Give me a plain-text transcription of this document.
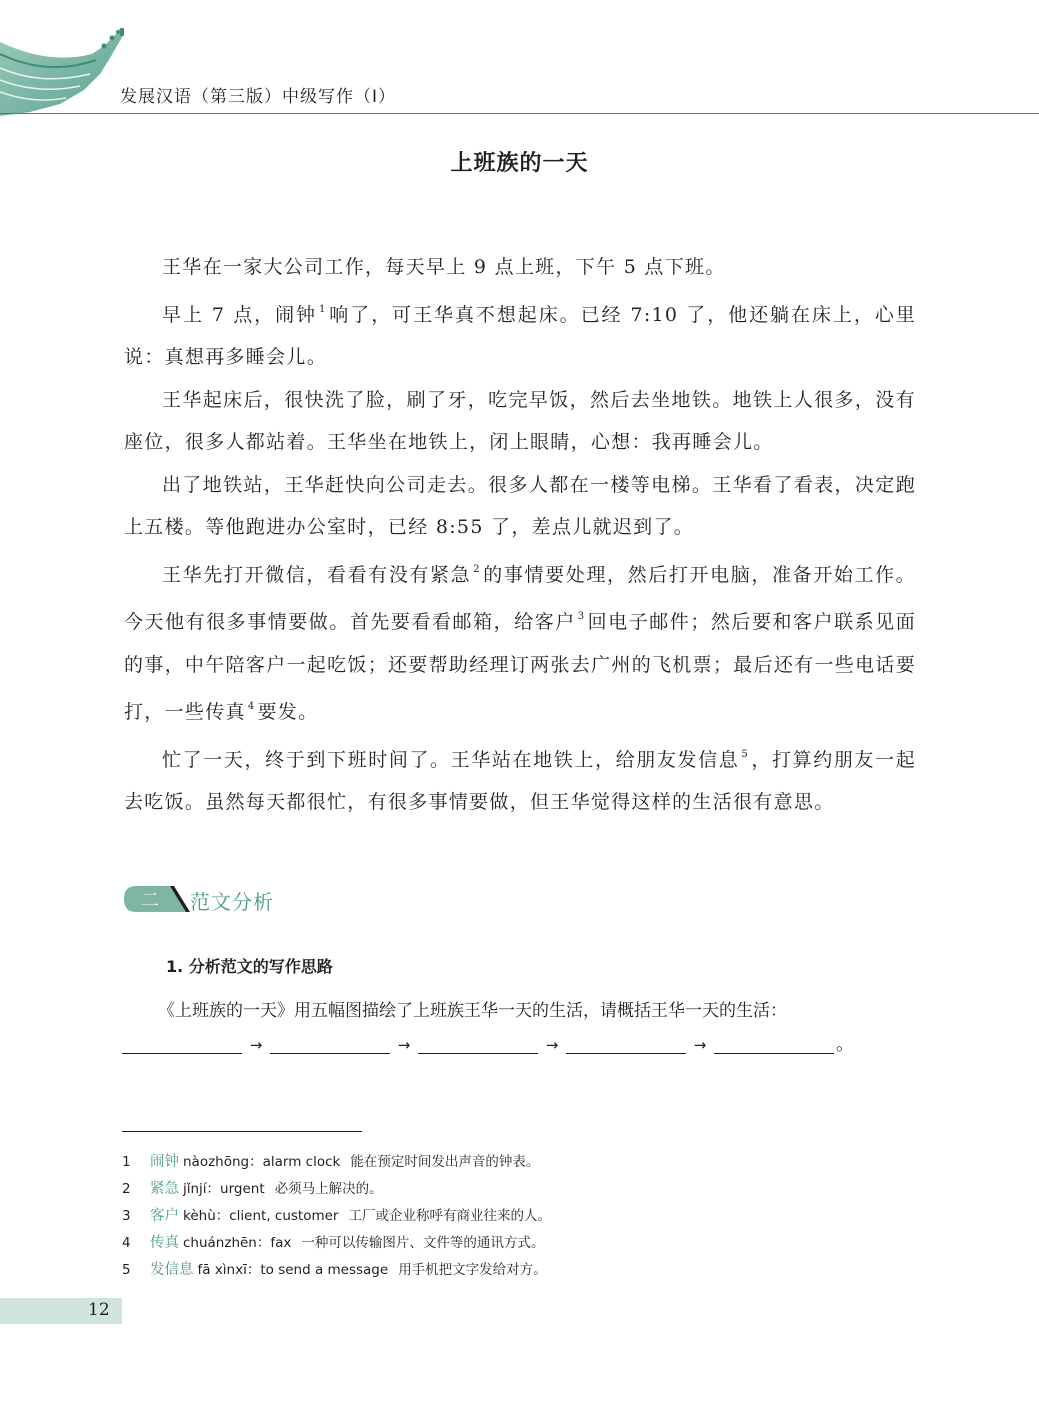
发展汉语（第三版）中级写作（Ⅰ）
上班族的一天

王华在一家大公司工作，每天早上 9 点上班，下午 5 点下班。

早上 7 点，闹钟 $^1$ 响了，可王华真不想起床。已经 7:10 了，他还躺在床上，心里说：真想再多睡会儿。

王华起床后，很快洗了脸，刷了牙，吃完早饭，然后去坐地铁。地铁上人很多，没有座位，很多人都站着。王华坐在地铁上，闭上眼睛，心想：我再睡会儿。

出了地铁站，王华赶快向公司走去。很多人都在一楼等电梯。王华看了看表，决定跑上五楼。等他跑进办公室时，已经 8:55 了，差点儿就迟到了。

王华先打开微信，看看有没有紧急 $^2$ 的事情要处理，然后打开电脑，准备开始工作。今天他有很多事情要做。首先要看看邮箱，给客户 $^3$ 回电子邮件；然后要和客户联系见面的事，中午陪客户一起吃饭；还要帮助经理订两张去广州的飞机票；最后还有一些电话要打，一些传真 $^4$ 要发。

忙了一天，终于到下班时间了。王华站在地铁上，给朋友发信息 $^5$ ，打算约朋友一起去吃饭。虽然每天都很忙，有很多事情要做，但王华觉得这样的生活很有意思。

二	范文分析
1. 分析范文的写作思路
《上班族的一天》用五幅图描绘了上班族王华一天的生活，请概括王华一天的生活：
→	→	→	→	。
1 闹钟 nàozhōng：alarm clock 能在预定时间发出声音的钟表。
2 紧急 jǐnjí：urgent 必须马上解决的。
3 客户 kèhù：client, customer 工厂或企业称呼有商业往来的人。
4 传真 chuánzhēn：fax 一种可以传输图片、文件等的通讯方式。
5 发信息 fā xìnxī：to send a message 用手机把文字发给对方。
12
